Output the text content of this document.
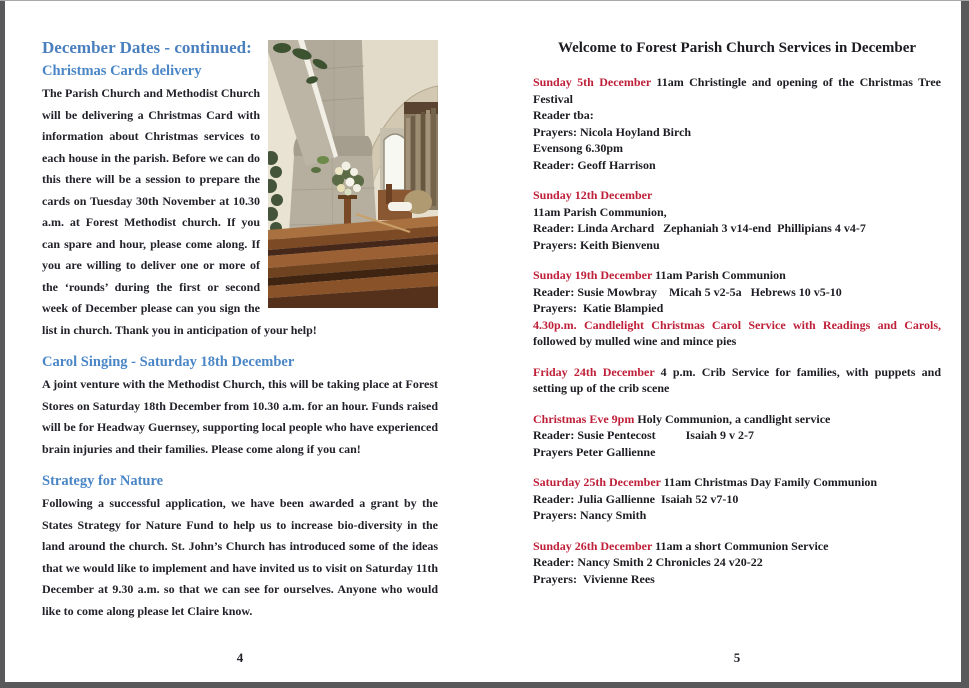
December Dates - continued:
Christmas Cards delivery
The Parish Church and Methodist Church will be delivering a Christmas Card with information about Christmas services to each house in the parish. Before we can do this there will be a session to prepare the cards on Tuesday 30th November at 10.30 a.m. at Forest Methodist church. If you can spare and hour, please come along. If you are willing to deliver one or more of the ‘rounds’ during the first or second week of December please can you sign the list in church. Thank you in anticipation of your help!
Carol Singing - Saturday 18th December
A joint venture with the Methodist Church, this will be taking place at Forest Stores on Saturday 18th December from 10.30 a.m. for an hour. Funds raised will be for Headway Guernsey, supporting local people who have experienced brain injuries and their families. Please come along if you can!
Strategy for Nature
Following a successful application, we have been awarded a grant by the States Strategy for Nature Fund to help us to increase bio-diversity in the land around the church. St. John’s Church has introduced some of the ideas that we would like to implement and have invited us to visit on Saturday 11th December at 9.30 a.m. so that we can see for ourselves. Anyone who would like to come along please let Claire know.
4
Welcome to Forest Parish Church Services in December
Sunday 5th December 11am Christingle and opening of the Christmas Tree Festival
Reader tba:
Prayers: Nicola Hoyland Birch
Evensong 6.30pm
Reader: Geoff Harrison
Sunday 12th December
11am Parish Communion,
Reader: Linda Archard   Zephaniah 3 v14-end  Phillipians 4 v4-7
Prayers: Keith Bienvenu
Sunday 19th December 11am Parish Communion
Reader: Susie Mowbray    Micah 5 v2-5a   Hebrews 10 v5-10
Prayers:  Katie Blampied
4.30p.m. Candlelight Christmas Carol Service with Readings and Carols,  followed by mulled wine and mince pies
Friday 24th December 4 p.m. Crib Service for families, with puppets and setting up of the crib scene
Christmas Eve 9pm Holy Communion, a candlight service
Reader: Susie Pentecost          Isaiah 9 v 2-7
Prayers Peter Gallienne
Saturday 25th December 11am Christmas Day Family Communion
Reader: Julia Gallienne  Isaiah 52 v7-10
Prayers: Nancy Smith
Sunday 26th December 11am a short Communion Service
Reader: Nancy Smith 2 Chronicles 24 v20-22
Prayers:  Vivienne Rees
5
